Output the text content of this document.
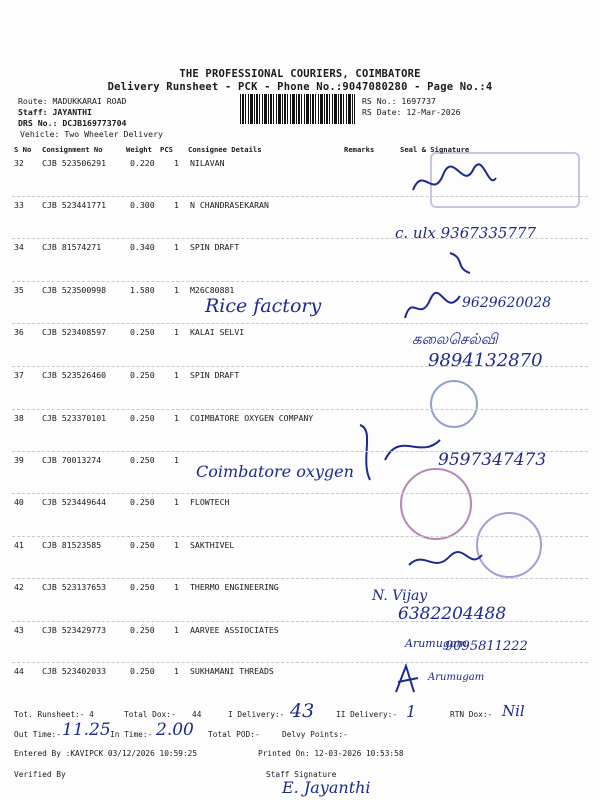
THE PROFESSIONAL COURIERS, COIMBATORE
Delivery Runsheet - PCK - Phone No.:9047080280 - Page No.:4
Route: MADUKKARAI ROAD
Staff: JAYANTHI
DRS No.: DCJB169773704
Vehicle: Two Wheeler Delivery
RS No.: 1697737
RS Date: 12-Mar-2026
S No Consignment No	Weight PCS Consignee Details	Remarks	Seal & Signature
32 CJB 523506291	0.220 1 NILAVAN
33 CJB 523441771	0.300 1 N CHANDRASEKARAN
34 CJB 81574271	0.340 1 SPIN DRAFT
35 CJB 523500998	1.580 1 M26C80881
36 CJB 523408597	0.250 1 KALAI SELVI
37 CJB 523526460	0.250 1 SPIN DRAFT
38 CJB 523370101	0.250 1 COIMBATORE OXYGEN COMPANY
39 CJB 70013274	0.250 1
40 CJB 523449644	0.250 1 FLOWTECH
41 CJB 81523585	0.250 1 SAKTHIVEL
42 CJB 523137653	0.250 1 THERMO ENGINEERING
43 CJB 523429773	0.250 1 AARVEE ASSIOCIATES
44 CJB 523402033	0.250 1 SUKHAMANI THREADS
c. ulx 9367335777
Rice factory	9629620028
கலைசெல்வி
9894132870
Coimbatore oxygen
9597347473
N. Vijay
6382204488
Arumugam
9095811222
Arumugam
Tot. Runsheet:- 4	Total Dox:- 44	I Delivery:- 43	II Delivery:- 1	RTN Dox:- Nil
Out Time:- 11.25 In Time:- 2.00 Total POD:-	Delvy Points:-
Entered By :KAVIPCK 03/12/2026 10:59:25	Printed On: 12-03-2026 10:53:58
Verified By	Staff Signature
E. Jayanthi
